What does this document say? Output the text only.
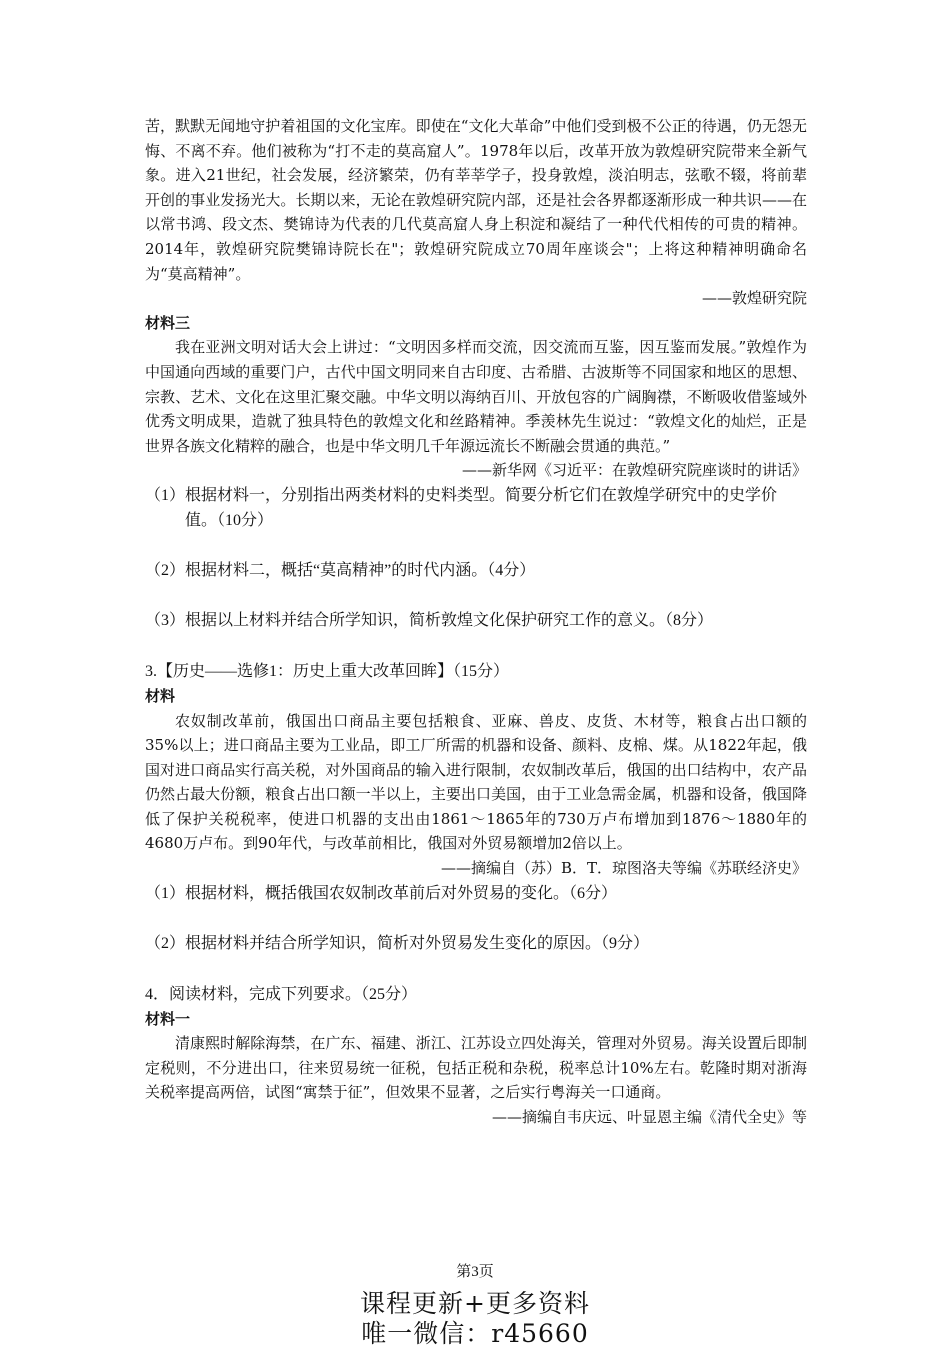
苦，默默无闻地守护着祖国的文化宝库。即使在“文化大革命”中他们受到极不公正的待遇，仍无怨无悔、不离不弃。他们被称为“打不走的莫高窟人”。1978年以后，改革开放为敦煌研究院带来全新气象。进入21世纪，社会发展，经济繁荣，仍有莘莘学子，投身敦煌，淡泊明志，弦歌不辍，将前辈开创的事业发扬光大。长期以来，无论在敦煌研究院内部，还是社会各界都逐渐形成一种共识——在以常书鸿、段文杰、樊锦诗为代表的几代莫高窟人身上积淀和凝结了一种代代相传的可贵的精神。2014年，敦煌研究院樊锦诗院长在"；敦煌研究院成立70周年座谈会"；上将这种精神明确命名为“莫高精神”。

——敦煌研究院

材料三

我在亚洲文明对话大会上讲过：“文明因多样而交流，因交流而互鉴，因互鉴而发展。”敦煌作为中国通向西域的重要门户，古代中国文明同来自古印度、古希腊、古波斯等不同国家和地区的思想、宗教、艺术、文化在这里汇聚交融。中华文明以海纳百川、开放包容的广阔胸襟，不断吸收借鉴域外优秀文明成果，造就了独具特色的敦煌文化和丝路精神。季羡林先生说过：“敦煌文化的灿烂，正是世界各族文化精粹的融合，也是中华文明几千年源远流长不断融会贯通的典范。”

——新华网《习近平：在敦煌研究院座谈时的讲话》

（1）根据材料一，分别指出两类材料的史料类型。简要分析它们在敦煌学研究中的史学价值。（10分）

（2）根据材料二，概括“莫高精神”的时代内涵。（4分）

（3）根据以上材料并结合所学知识，简析敦煌文化保护研究工作的意义。（8分）

3.【历史——选修1：历史上重大改革回眸】（15分）

材料

农奴制改革前，俄国出口商品主要包括粮食、亚麻、兽皮、皮货、木材等，粮食占出口额的35%以上；进口商品主要为工业品，即工厂所需的机器和设备、颜料、皮棉、煤。从1822年起，俄国对进口商品实行高关税，对外国商品的输入进行限制，农奴制改革后，俄国的出口结构中，农产品仍然占最大份额，粮食占出口额一半以上，主要出口美国，由于工业急需金属，机器和设备，俄国降低了保护关税税率，使进口机器的支出由1861～1865年的730万卢布增加到1876～1880年的4680万卢布。到90年代，与改革前相比，俄国对外贸易额增加2倍以上。

——摘编自（苏）B．T．琼图洛夫等编《苏联经济史》

（1）根据材料，概括俄国农奴制改革前后对外贸易的变化。（6分）

（2）根据材料并结合所学知识，简析对外贸易发生变化的原因。（9分）

4．阅读材料，完成下列要求。（25分）

材料一

清康熙时解除海禁，在广东、福建、浙江、江苏设立四处海关，管理对外贸易。海关设置后即制定税则，不分进出口，往来贸易统一征税，包括正税和杂税，税率总计10%左右。乾隆时期对浙海关税率提高两倍，试图“寓禁于征”，但效果不显著，之后实行粤海关一口通商。

——摘编自韦庆远、叶显恩主编《清代全史》等

第3页
课程更新+更多资料
唯一微信：r45660
